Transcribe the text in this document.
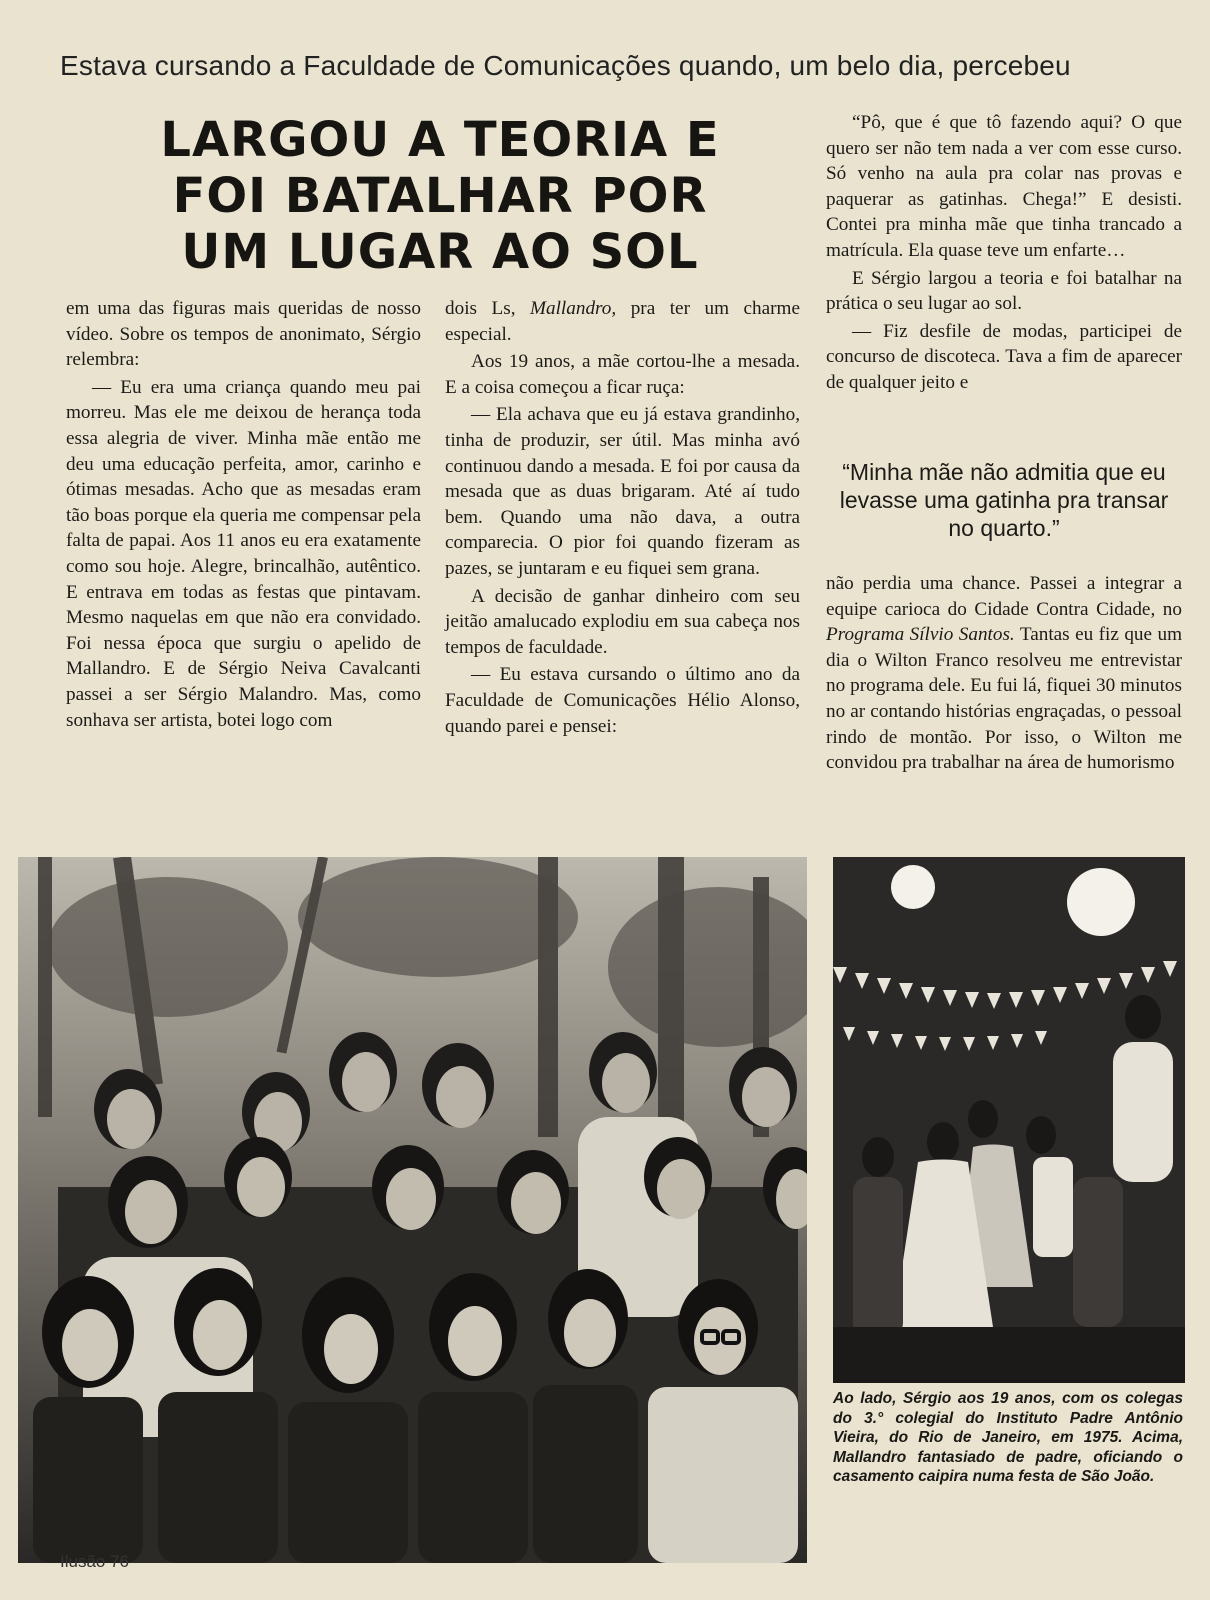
Estava cursando a Faculdade de Comunicações quando, um belo dia, percebeu
LARGOU A TEORIA E
FOI BATALHAR POR
UM LUGAR AO SOL

em uma das figuras mais queridas de nosso vídeo. Sobre os tempos de anonimato, Sérgio relembra:

— Eu era uma criança quando meu pai morreu. Mas ele me deixou de herança toda essa alegria de viver. Minha mãe então me deu uma educação perfeita, amor, carinho e ótimas mesadas. Acho que as mesadas eram tão boas porque ela queria me compensar pela falta de papai. Aos 11 anos eu era exatamente como sou hoje. Alegre, brincalhão, autêntico. E entrava em todas as festas que pintavam. Mesmo naquelas em que não era convidado. Foi nessa época que surgiu o apelido de Mallandro. E de Sérgio Neiva Cavalcanti passei a ser Sérgio Malandro. Mas, como sonhava ser artista, botei logo com

dois Ls, Mallandro, pra ter um charme especial.

Aos 19 anos, a mãe cortou-lhe a mesada. E a coisa começou a ficar ruça:

— Ela achava que eu já estava grandinho, tinha de produzir, ser útil. Mas minha avó continuou dando a mesada. E foi por causa da mesada que as duas brigaram. Até aí tudo bem. Quando uma não dava, a outra comparecia. O pior foi quando fizeram as pazes, se juntaram e eu fiquei sem grana.

A decisão de ganhar dinheiro com seu jeitão amalucado explodiu em sua cabeça nos tempos de faculdade.

— Eu estava cursando o último ano da Faculdade de Comunicações Hélio Alonso, quando parei e pensei:

“Pô, que é que tô fazendo aqui? O que quero ser não tem nada a ver com esse curso. Só venho na aula pra colar nas provas e paquerar as gatinhas. Chega!” E desisti. Contei pra minha mãe que tinha trancado a matrícula. Ela quase teve um enfarte…

E Sérgio largou a teoria e foi batalhar na prática o seu lugar ao sol.

— Fiz desfile de modas, participei de concurso de discoteca. Tava a fim de aparecer de qualquer jeito e

“Minha mãe não admitia que eu levasse uma gatinha pra transar no quarto.”

não perdia uma chance. Passei a integrar a equipe carioca do Cidade Contra Cidade, no Programa Sílvio Santos. Tantas eu fiz que um dia o Wilton Franco resolveu me entrevistar no programa dele. Eu fui lá, fiquei 30 minutos no ar contando histórias engraçadas, o pessoal rindo de montão. Por isso, o Wilton me convidou pra trabalhar na área de humorismo

Ao lado, Sérgio aos 19 anos, com os colegas do 3.° colegial do Instituto Padre Antônio Vieira, do Rio de Janeiro, em 1975. Acima, Mallandro fantasiado de padre, oficiando o casamento caipira numa festa de São João.
Ilusão 76
